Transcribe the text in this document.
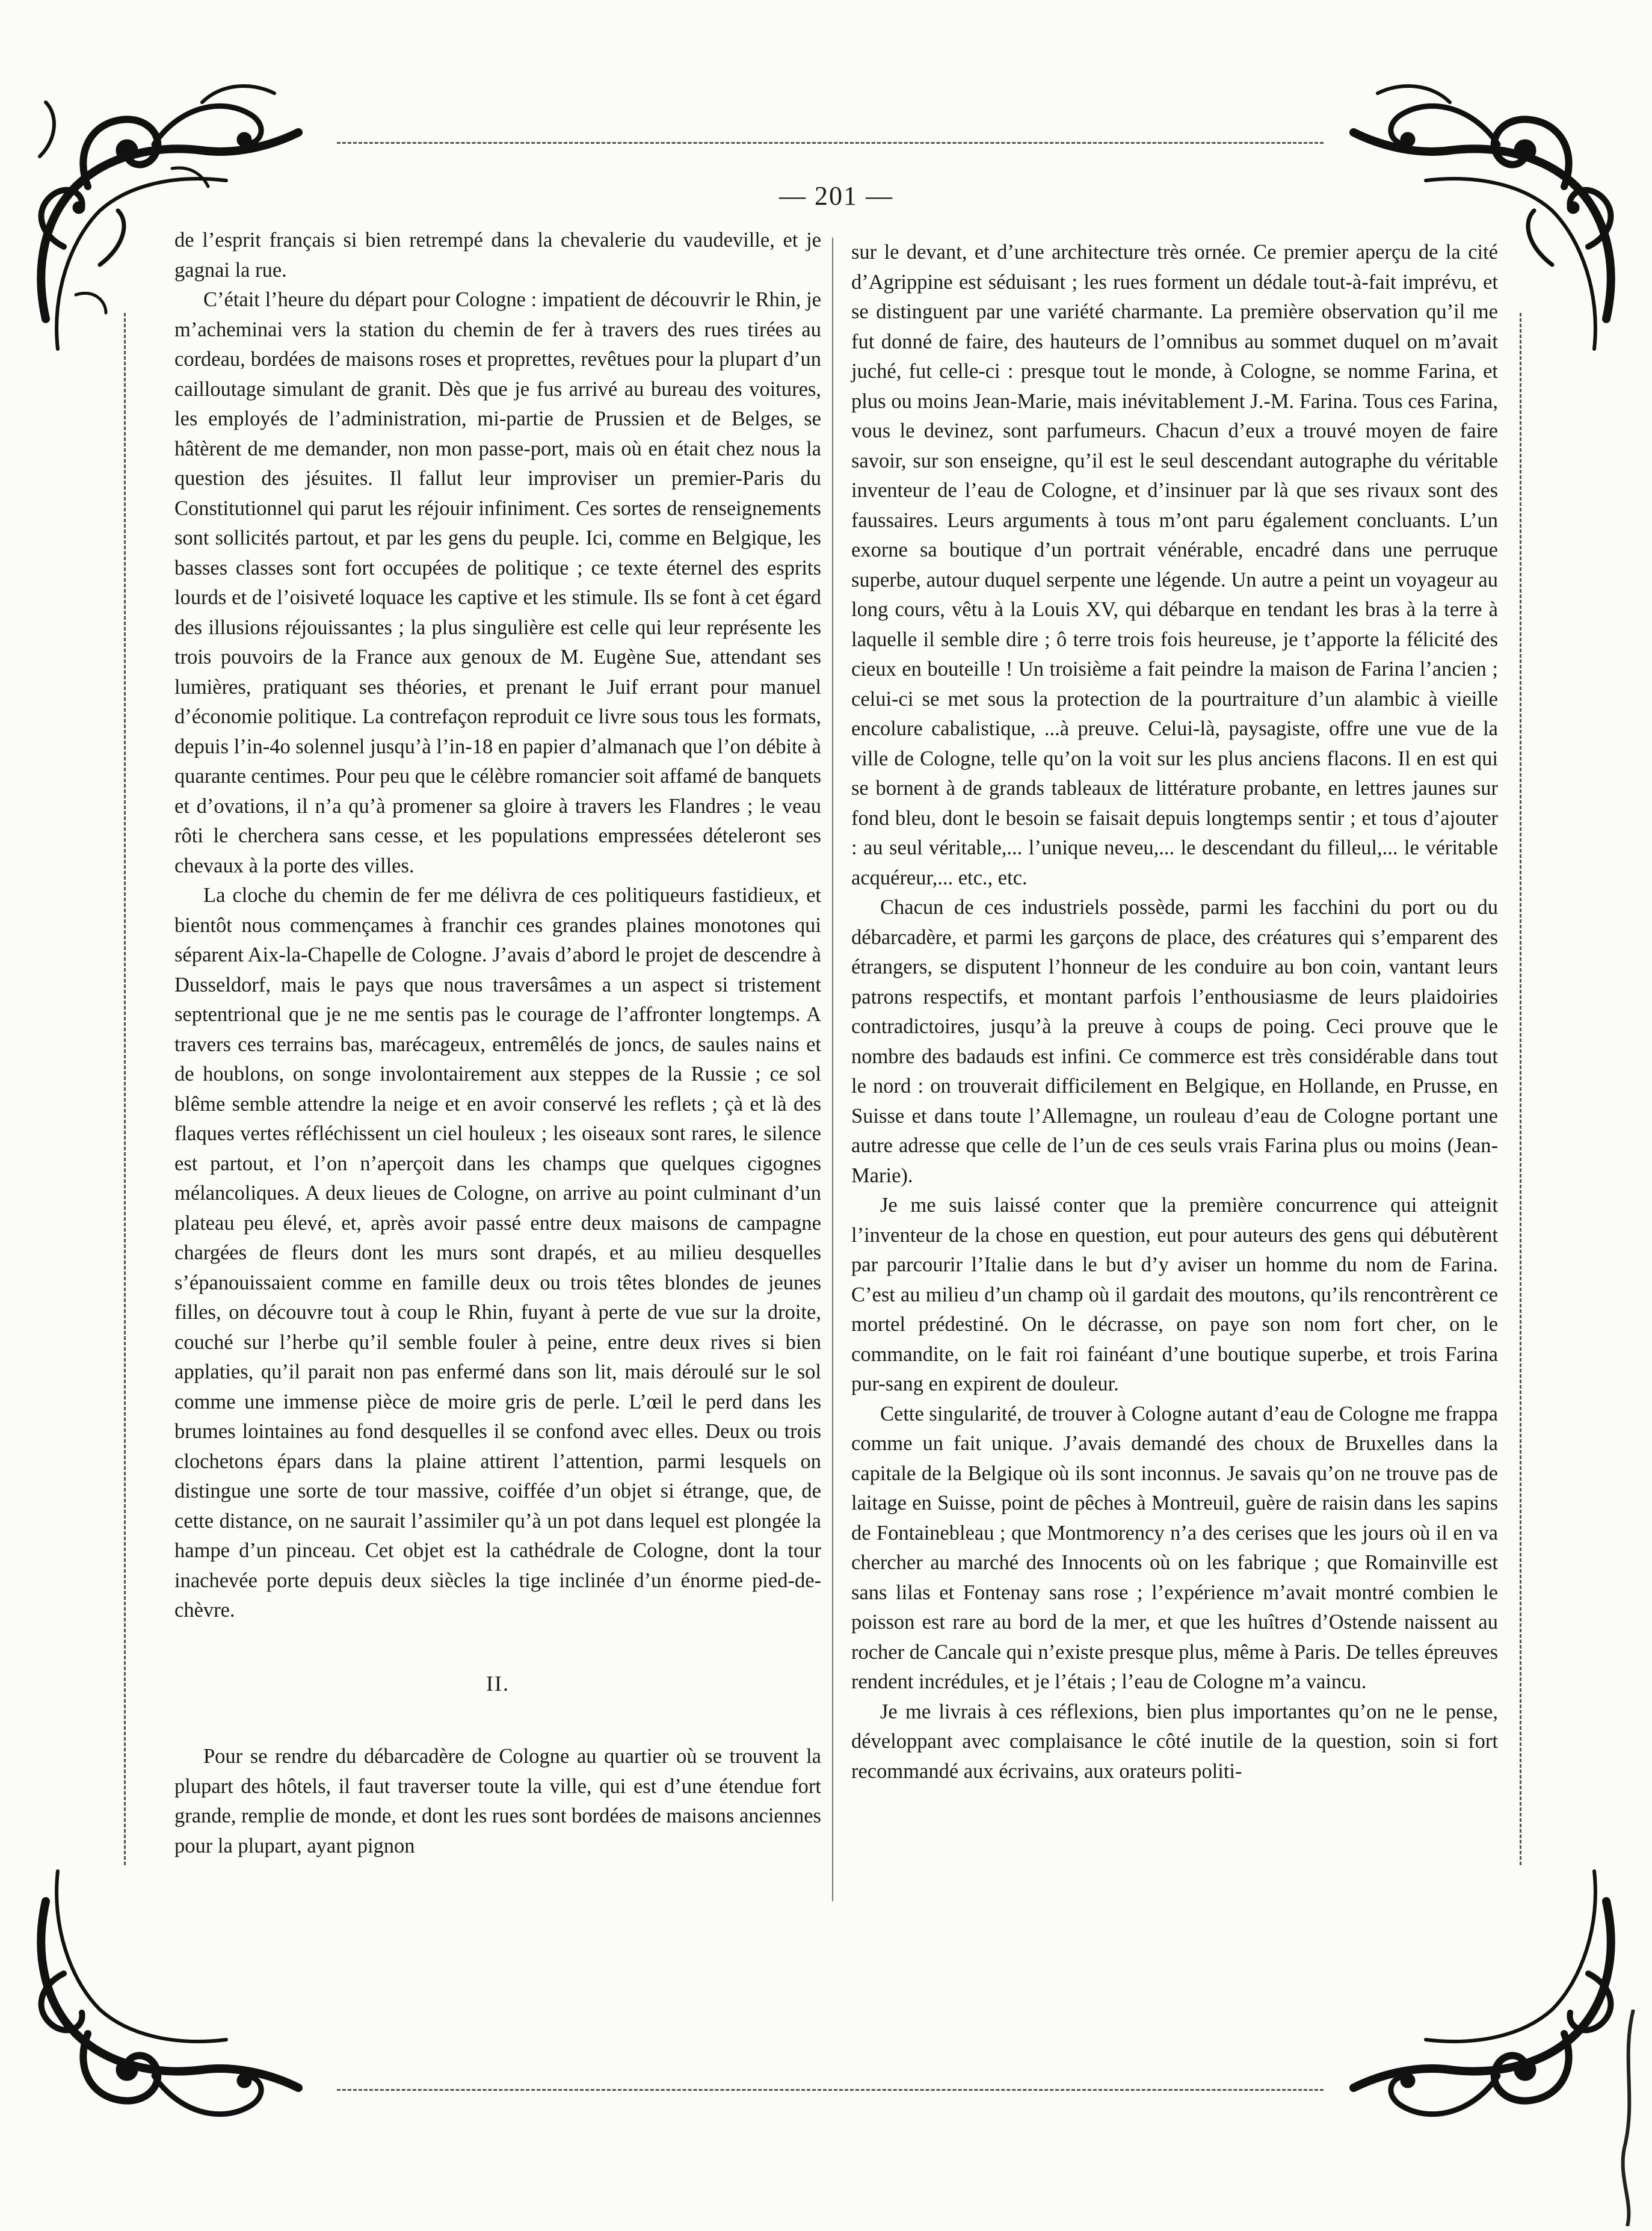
— 201 —

de l’esprit français si bien retrempé dans la chevalerie du vaudeville, et je gagnai la rue.

C’était l’heure du départ pour Cologne : impatient de découvrir le Rhin, je m’acheminai vers la station du chemin de fer à travers des rues tirées au cordeau, bordées de maisons roses et proprettes, revêtues pour la plupart d’un cailloutage simulant de granit. Dès que je fus arrivé au bureau des voitures, les employés de l’administration, mi-partie de Prussien et de Belges, se hâtèrent de me demander, non mon passe-port, mais où en était chez nous la question des jésuites. Il fallut leur improviser un premier-Paris du Constitutionnel qui parut les réjouir infiniment. Ces sortes de renseignements sont sollicités partout, et par les gens du peuple. Ici, comme en Belgique, les basses classes sont fort occupées de politique ; ce texte éternel des esprits lourds et de l’oisiveté loquace les captive et les stimule. Ils se font à cet égard des illusions réjouissantes ; la plus singulière est celle qui leur représente les trois pouvoirs de la France aux genoux de M. Eugène Sue, attendant ses lumières, pratiquant ses théories, et prenant le Juif errant pour manuel d’économie politique. La contrefaçon reproduit ce livre sous tous les formats, depuis l’in-4o solennel jusqu’à l’in-18 en papier d’almanach que l’on débite à quarante centimes. Pour peu que le célèbre romancier soit affamé de banquets et d’ovations, il n’a qu’à promener sa gloire à travers les Flandres ; le veau rôti le cherchera sans cesse, et les populations empressées dételeront ses chevaux à la porte des villes.

La cloche du chemin de fer me délivra de ces politiqueurs fastidieux, et bientôt nous commençames à franchir ces grandes plaines monotones qui séparent Aix-la-Chapelle de Cologne. J’avais d’abord le projet de descendre à Dusseldorf, mais le pays que nous traversâmes a un aspect si tristement septentrional que je ne me sentis pas le courage de l’affronter longtemps. A travers ces terrains bas, marécageux, entremêlés de joncs, de saules nains et de houblons, on songe involontairement aux steppes de la Russie ; ce sol blême semble attendre la neige et en avoir conservé les reflets ; çà et là des flaques vertes réfléchissent un ciel houleux ; les oiseaux sont rares, le silence est partout, et l’on n’aperçoit dans les champs que quelques cigognes mélancoliques. A deux lieues de Cologne, on arrive au point culminant d’un plateau peu élevé, et, après avoir passé entre deux maisons de campagne chargées de fleurs dont les murs sont drapés, et au milieu desquelles s’épanouissaient comme en famille deux ou trois têtes blondes de jeunes filles, on découvre tout à coup le Rhin, fuyant à perte de vue sur la droite, couché sur l’herbe qu’il semble fouler à peine, entre deux rives si bien applaties, qu’il parait non pas enfermé dans son lit, mais déroulé sur le sol comme une immense pièce de moire gris de perle. L’œil le perd dans les brumes lointaines au fond desquelles il se confond avec elles. Deux ou trois clochetons épars dans la plaine attirent l’attention, parmi lesquels on distingue une sorte de tour massive, coiffée d’un objet si étrange, que, de cette distance, on ne saurait l’assimiler qu’à un pot dans lequel est plongée la hampe d’un pinceau. Cet objet est la cathédrale de Cologne, dont la tour inachevée porte depuis deux siècles la tige inclinée d’un énorme pied-de-chèvre.

II.

Pour se rendre du débarcadère de Cologne au quartier où se trouvent la plupart des hôtels, il faut traverser toute la ville, qui est d’une étendue fort grande, remplie de monde, et dont les rues sont bordées de maisons anciennes pour la plupart, ayant pignon

sur le devant, et d’une architecture très ornée. Ce premier aperçu de la cité d’Agrippine est séduisant ; les rues forment un dédale tout-à-fait imprévu, et se distinguent par une variété charmante. La première observation qu’il me fut donné de faire, des hauteurs de l’omnibus au sommet duquel on m’avait juché, fut celle-ci : presque tout le monde, à Cologne, se nomme Farina, et plus ou moins Jean-Marie, mais inévitablement J.-M. Farina. Tous ces Farina, vous le devinez, sont parfumeurs. Chacun d’eux a trouvé moyen de faire savoir, sur son enseigne, qu’il est le seul descendant autographe du véritable inventeur de l’eau de Cologne, et d’insinuer par là que ses rivaux sont des faussaires. Leurs arguments à tous m’ont paru également concluants. L’un exorne sa boutique d’un portrait vénérable, encadré dans une perruque superbe, autour duquel serpente une légende. Un autre a peint un voyageur au long cours, vêtu à la Louis XV, qui débarque en tendant les bras à la terre à laquelle il semble dire ; ô terre trois fois heureuse, je t’apporte la félicité des cieux en bouteille ! Un troisième a fait peindre la maison de Farina l’ancien ; celui-ci se met sous la protection de la pourtraiture d’un alambic à vieille encolure cabalistique, ...à preuve. Celui-là, paysagiste, offre une vue de la ville de Cologne, telle qu’on la voit sur les plus anciens flacons. Il en est qui se bornent à de grands tableaux de littérature probante, en lettres jaunes sur fond bleu, dont le besoin se faisait depuis longtemps sentir ; et tous d’ajouter : au seul véritable,... l’unique neveu,... le descendant du filleul,... le véritable acquéreur,... etc., etc.

Chacun de ces industriels possède, parmi les facchini du port ou du débarcadère, et parmi les garçons de place, des créatures qui s’emparent des étrangers, se disputent l’honneur de les conduire au bon coin, vantant leurs patrons respectifs, et montant parfois l’enthousiasme de leurs plaidoiries contradictoires, jusqu’à la preuve à coups de poing. Ceci prouve que le nombre des badauds est infini. Ce commerce est très considérable dans tout le nord : on trouverait difficilement en Belgique, en Hollande, en Prusse, en Suisse et dans toute l’Allemagne, un rouleau d’eau de Cologne portant une autre adresse que celle de l’un de ces seuls vrais Farina plus ou moins (Jean-Marie).

Je me suis laissé conter que la première concurrence qui atteignit l’inventeur de la chose en question, eut pour auteurs des gens qui débutèrent par parcourir l’Italie dans le but d’y aviser un homme du nom de Farina. C’est au milieu d’un champ où il gardait des moutons, qu’ils rencontrèrent ce mortel prédestiné. On le décrasse, on paye son nom fort cher, on le commandite, on le fait roi fainéant d’une boutique superbe, et trois Farina pur-sang en expirent de douleur.

Cette singularité, de trouver à Cologne autant d’eau de Cologne me frappa comme un fait unique. J’avais demandé des choux de Bruxelles dans la capitale de la Belgique où ils sont inconnus. Je savais qu’on ne trouve pas de laitage en Suisse, point de pêches à Montreuil, guère de raisin dans les sapins de Fontainebleau ; que Montmorency n’a des cerises que les jours où il en va chercher au marché des Innocents où on les fabrique ; que Romainville est sans lilas et Fontenay sans rose ; l’expérience m’avait montré combien le poisson est rare au bord de la mer, et que les huîtres d’Ostende naissent au rocher de Cancale qui n’existe presque plus, même à Paris. De telles épreuves rendent incrédules, et je l’étais ; l’eau de Cologne m’a vaincu.

Je me livrais à ces réflexions, bien plus importantes qu’on ne le pense, développant avec complaisance le côté inutile de la question, soin si fort recommandé aux écrivains, aux orateurs politi-
